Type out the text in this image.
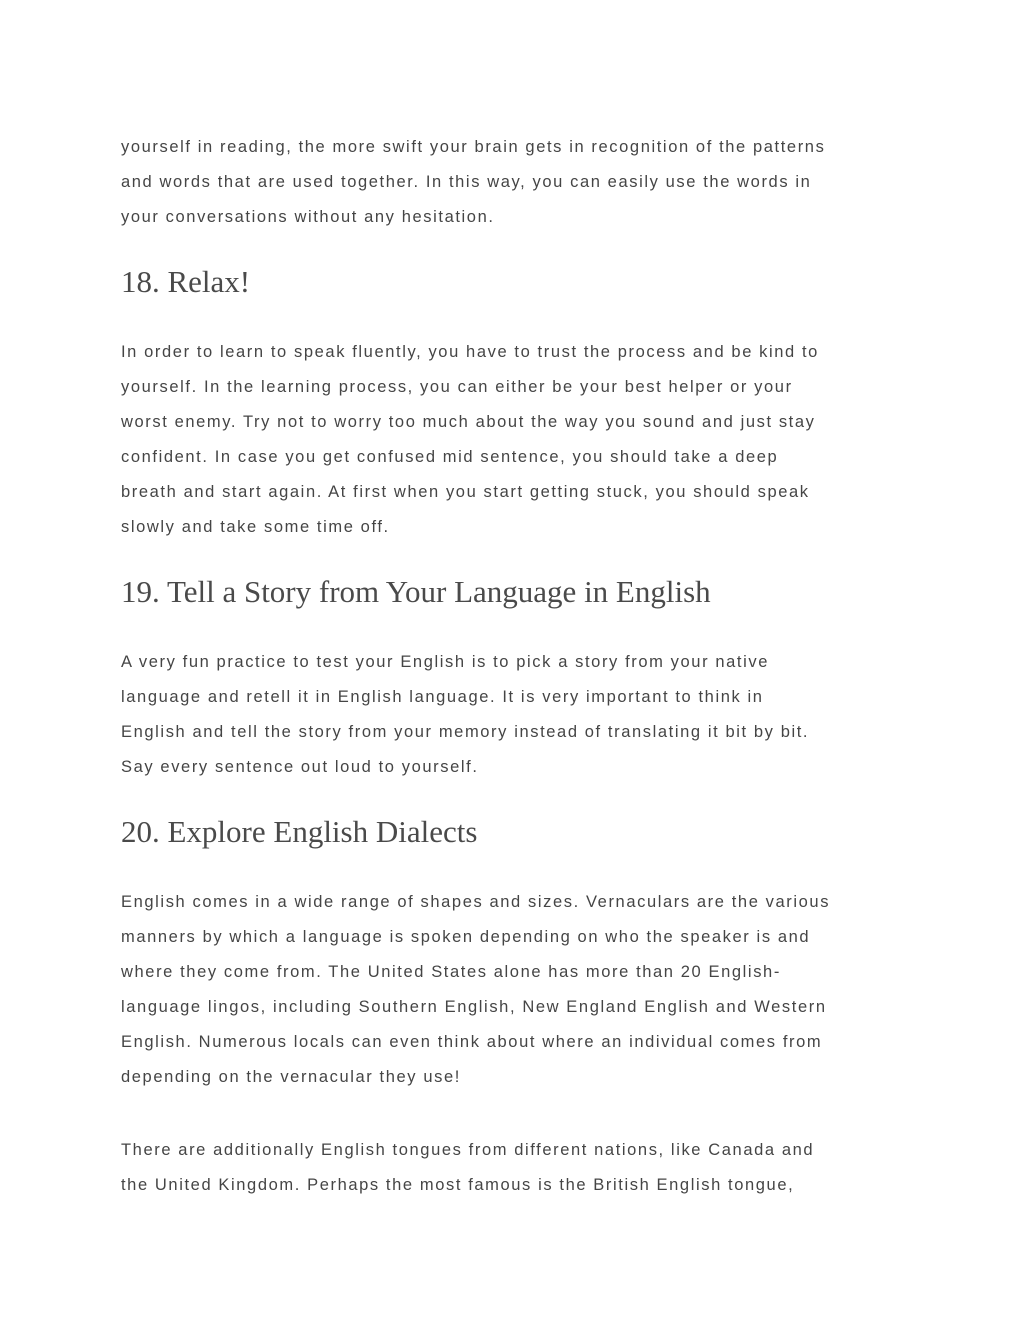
yourself in reading, the more swift your brain gets in recognition of the patterns

and words that are used together. In this way, you can easily use the words in

your conversations without any hesitation.

18. Relax!

In order to learn to speak fluently, you have to trust the process and be kind to

yourself. In the learning process, you can either be your best helper or your

worst enemy. Try not to worry too much about the way you sound and just stay

confident. In case you get confused mid sentence, you should take a deep

breath and start again. At first when you start getting stuck, you should speak

slowly and take some time off.

19. Tell a Story from Your Language in English

A very fun practice to test your English is to pick a story from your native

language and retell it in English language. It is very important to think in

English and tell the story from your memory instead of translating it bit by bit.

Say every sentence out loud to yourself.

20. Explore English Dialects

English comes in a wide range of shapes and sizes. Vernaculars are the various

manners by which a language is spoken depending on who the speaker is and

where they come from. The United States alone has more than 20 English-

language lingos, including Southern English, New England English and Western

English. Numerous locals can even think about where an individual comes from

depending on the vernacular they use!

There are additionally English tongues from different nations, like Canada and

the United Kingdom. Perhaps the most famous is the British English tongue,
